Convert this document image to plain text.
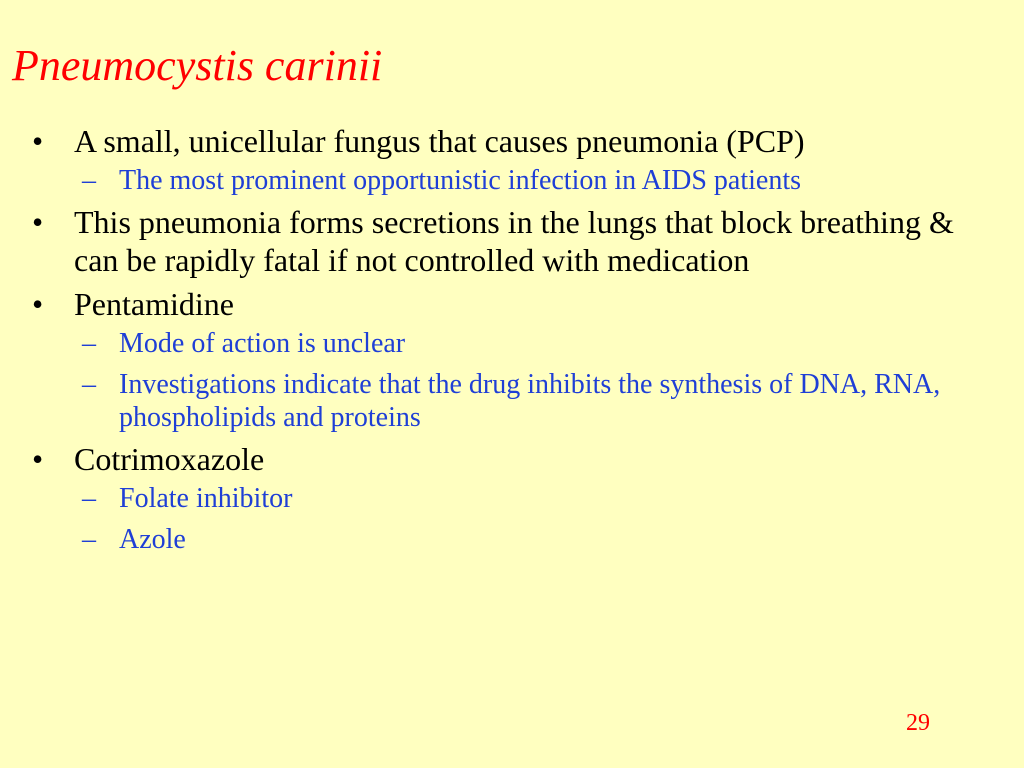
Pneumocystis carinii
• A small, unicellular fungus that causes pneumonia (PCP)
– The most prominent opportunistic infection in AIDS patients
• This pneumonia forms secretions in the lungs that block breathing & can be rapidly fatal if not controlled with medication
• Pentamidine
– Mode of action is unclear
– Investigations indicate that the drug inhibits the synthesis of DNA, RNA, phospholipids and proteins
• Cotrimoxazole
– Folate inhibitor
– Azole
29
